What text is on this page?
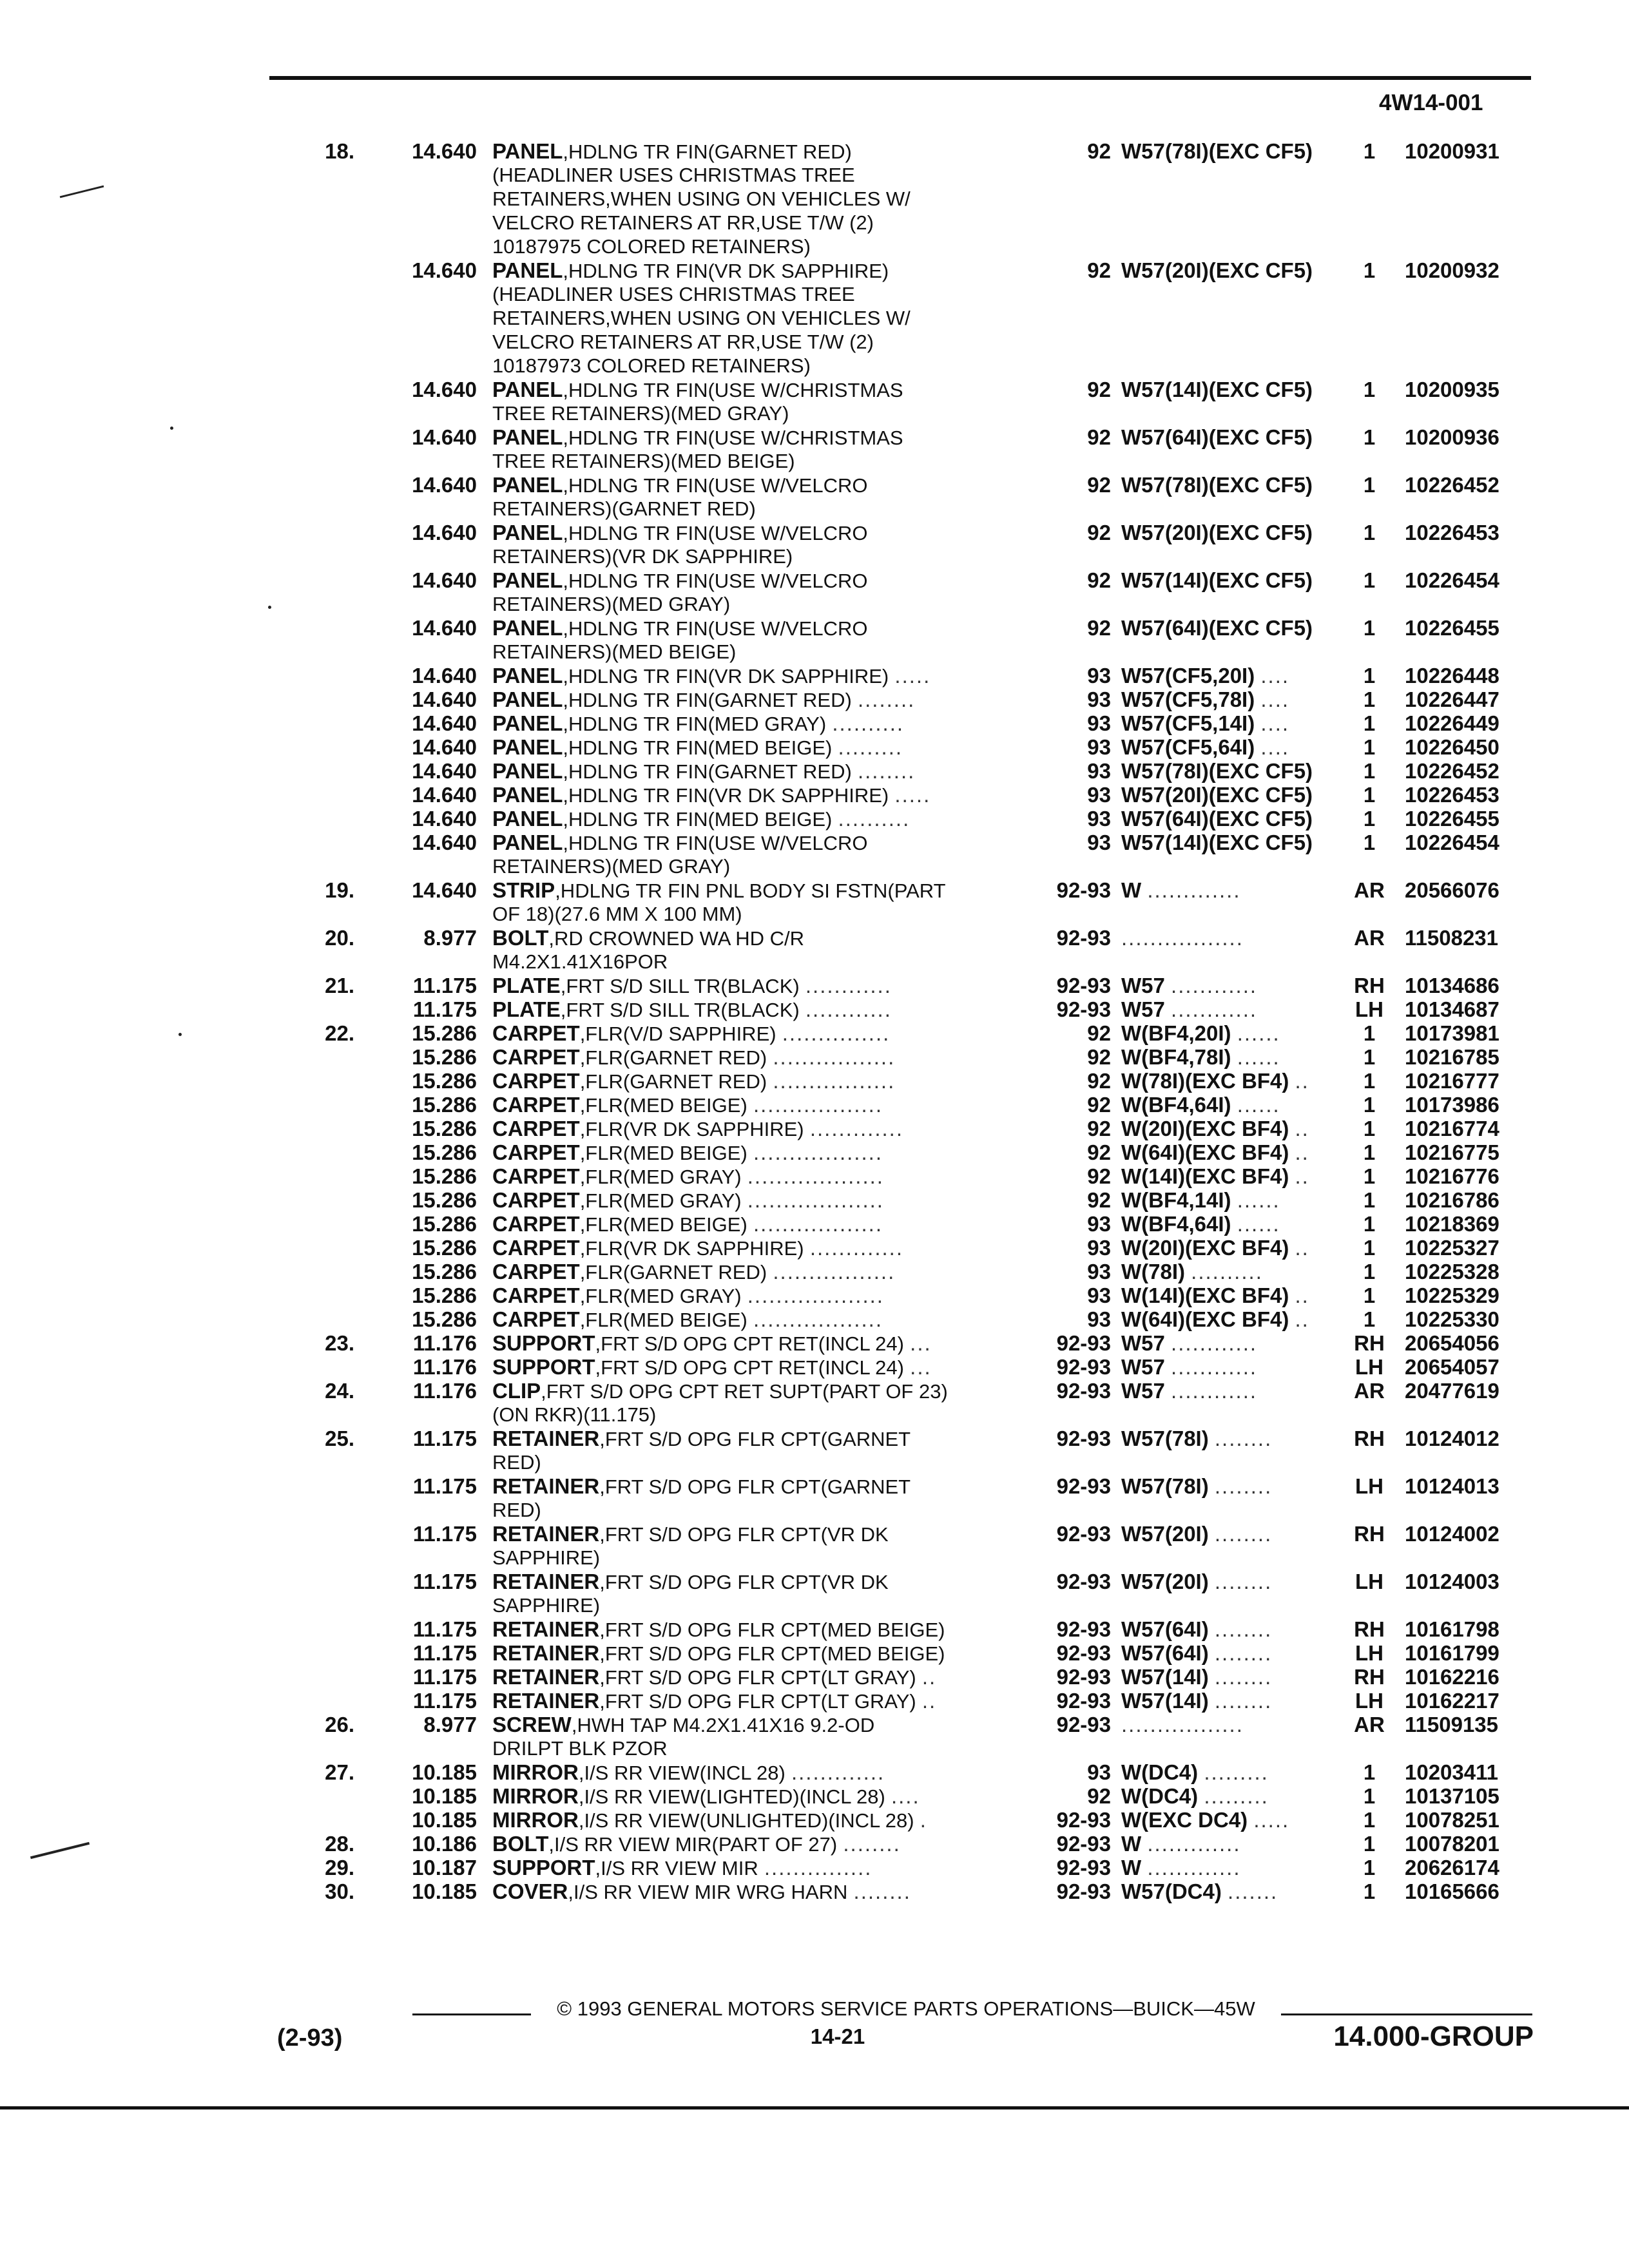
4W14-001
18.	14.640 PANEL,HDLNG TR FIN(GARNET RED)	92 W57(78I)(EXC CF5)	1	10200931
(HEADLINER USES CHRISTMAS TREE
RETAINERS,WHEN USING ON VEHICLES W/
VELCRO RETAINERS AT RR,USE T/W (2)
10187975 COLORED RETAINERS)
14.640 PANEL,HDLNG TR FIN(VR DK SAPPHIRE)	92 W57(20I)(EXC CF5)	1	10200932
(HEADLINER USES CHRISTMAS TREE
RETAINERS,WHEN USING ON VEHICLES W/
VELCRO RETAINERS AT RR,USE T/W (2)
10187973 COLORED RETAINERS)
14.640 PANEL,HDLNG TR FIN(USE W/CHRISTMAS	92 W57(14I)(EXC CF5)	1	10200935
TREE RETAINERS)(MED GRAY)
14.640 PANEL,HDLNG TR FIN(USE W/CHRISTMAS	92 W57(64I)(EXC CF5)	1	10200936
TREE RETAINERS)(MED BEIGE)
14.640 PANEL,HDLNG TR FIN(USE W/VELCRO	92 W57(78I)(EXC CF5)	1	10226452
RETAINERS)(GARNET RED)
14.640 PANEL,HDLNG TR FIN(USE W/VELCRO	92 W57(20I)(EXC CF5)	1	10226453
RETAINERS)(VR DK SAPPHIRE)
14.640 PANEL,HDLNG TR FIN(USE W/VELCRO	92 W57(14I)(EXC CF5)	1	10226454
RETAINERS)(MED GRAY)
14.640 PANEL,HDLNG TR FIN(USE W/VELCRO	92 W57(64I)(EXC CF5)	1	10226455
RETAINERS)(MED BEIGE)
14.640 PANEL,HDLNG TR FIN(VR DK SAPPHIRE) .....	93 W57(CF5,20I) ....	1	10226448
14.640 PANEL,HDLNG TR FIN(GARNET RED) ........	93 W57(CF5,78I) ....	1	10226447
14.640 PANEL,HDLNG TR FIN(MED GRAY) ..........	93 W57(CF5,14I) ....	1	10226449
14.640 PANEL,HDLNG TR FIN(MED BEIGE) .........	93 W57(CF5,64I) ....	1	10226450
14.640 PANEL,HDLNG TR FIN(GARNET RED) ........	93 W57(78I)(EXC CF5)	1	10226452
14.640 PANEL,HDLNG TR FIN(VR DK SAPPHIRE) .....	93 W57(20I)(EXC CF5)	1	10226453
14.640 PANEL,HDLNG TR FIN(MED BEIGE) ..........	93 W57(64I)(EXC CF5)	1	10226455
14.640 PANEL,HDLNG TR FIN(USE W/VELCRO	93 W57(14I)(EXC CF5)	1	10226454
RETAINERS)(MED GRAY)
19.	14.640 STRIP,HDLNG TR FIN PNL BODY SI FSTN(PART	92-93 W .............	AR 20566076
OF 18)(27.6 MM X 100 MM)
20.	8.977 BOLT,RD CROWNED WA HD C/R	92-93 .................	AR 11508231
M4.2X1.41X16POR
21.	11.175 PLATE,FRT S/D SILL TR(BLACK) ............	92-93 W57 ............	RH 10134686
11.175 PLATE,FRT S/D SILL TR(BLACK) ............	92-93 W57 ............	LH	10134687
22.	15.286 CARPET,FLR(V/D SAPPHIRE) ...............	92 W(BF4,20I) ......	1	10173981
15.286 CARPET,FLR(GARNET RED) .................	92 W(BF4,78I) ......	1	10216785
15.286 CARPET,FLR(GARNET RED) .................	92 W(78I)(EXC BF4) ..	1	10216777
15.286 CARPET,FLR(MED BEIGE) ..................	92 W(BF4,64I) ......	1	10173986
15.286 CARPET,FLR(VR DK SAPPHIRE) .............	92 W(20I)(EXC BF4) ..	1	10216774
15.286 CARPET,FLR(MED BEIGE) ..................	92 W(64I)(EXC BF4) ..	1	10216775
15.286 CARPET,FLR(MED GRAY) ...................	92 W(14I)(EXC BF4) ..	1	10216776
15.286 CARPET,FLR(MED GRAY) ...................	92 W(BF4,14I) ......	1	10216786
15.286 CARPET,FLR(MED BEIGE) ..................	93 W(BF4,64I) ......	1	10218369
15.286 CARPET,FLR(VR DK SAPPHIRE) .............	93 W(20I)(EXC BF4) ..	1	10225327
15.286 CARPET,FLR(GARNET RED) .................	93 W(78I) ..........	1	10225328
15.286 CARPET,FLR(MED GRAY) ...................	93 W(14I)(EXC BF4) ..	1	10225329
15.286 CARPET,FLR(MED BEIGE) ..................	93 W(64I)(EXC BF4) ..	1	10225330
23.	11.176 SUPPORT,FRT S/D OPG CPT RET(INCL 24) ...	92-93 W57 ............	RH 20654056
11.176 SUPPORT,FRT S/D OPG CPT RET(INCL 24) ...	92-93 W57 ............	LH	20654057
24.	11.176 CLIP,FRT S/D OPG CPT RET SUPT(PART OF 23)	92-93 W57 ............	AR 20477619
(ON RKR)(11.175)
25.	11.175 RETAINER,FRT S/D OPG FLR CPT(GARNET	92-93 W57(78I) ........	RH 10124012
RED)
11.175 RETAINER,FRT S/D OPG FLR CPT(GARNET	92-93 W57(78I) ........	LH	10124013
RED)
11.175 RETAINER,FRT S/D OPG FLR CPT(VR DK	92-93 W57(20I) ........	RH 10124002
SAPPHIRE)
11.175 RETAINER,FRT S/D OPG FLR CPT(VR DK	92-93 W57(20I) ........	LH	10124003
SAPPHIRE)
11.175 RETAINER,FRT S/D OPG FLR CPT(MED BEIGE)	92-93 W57(64I) ........	RH 10161798
11.175 RETAINER,FRT S/D OPG FLR CPT(MED BEIGE)	92-93 W57(64I) ........	LH	10161799
11.175 RETAINER,FRT S/D OPG FLR CPT(LT GRAY) ..	92-93 W57(14I) ........	RH 10162216
11.175 RETAINER,FRT S/D OPG FLR CPT(LT GRAY) ..	92-93 W57(14I) ........	LH	10162217
26.	8.977 SCREW,HWH TAP M4.2X1.41X16 9.2-OD	92-93 .................	AR 11509135
DRILPT BLK PZOR
27.	10.185 MIRROR,I/S RR VIEW(INCL 28) .............	93 W(DC4) .........	1	10203411
10.185 MIRROR,I/S RR VIEW(LIGHTED)(INCL 28) ....	92 W(DC4) .........	1	10137105
10.185 MIRROR,I/S RR VIEW(UNLIGHTED)(INCL 28) .	92-93 W(EXC DC4) .....	1	10078251
28.	10.186 BOLT,I/S RR VIEW MIR(PART OF 27) ........	92-93 W .............	1	10078201
29.	10.187 SUPPORT,I/S RR VIEW MIR ...............	92-93 W .............	1	20626174
30.	10.185 COVER,I/S RR VIEW MIR WRG HARN ........	92-93 W57(DC4) .......	1	10165666
© 1993 GENERAL MOTORS SERVICE PARTS OPERATIONS—BUICK—45W
(2-93)	14-21	14.000-GROUP
